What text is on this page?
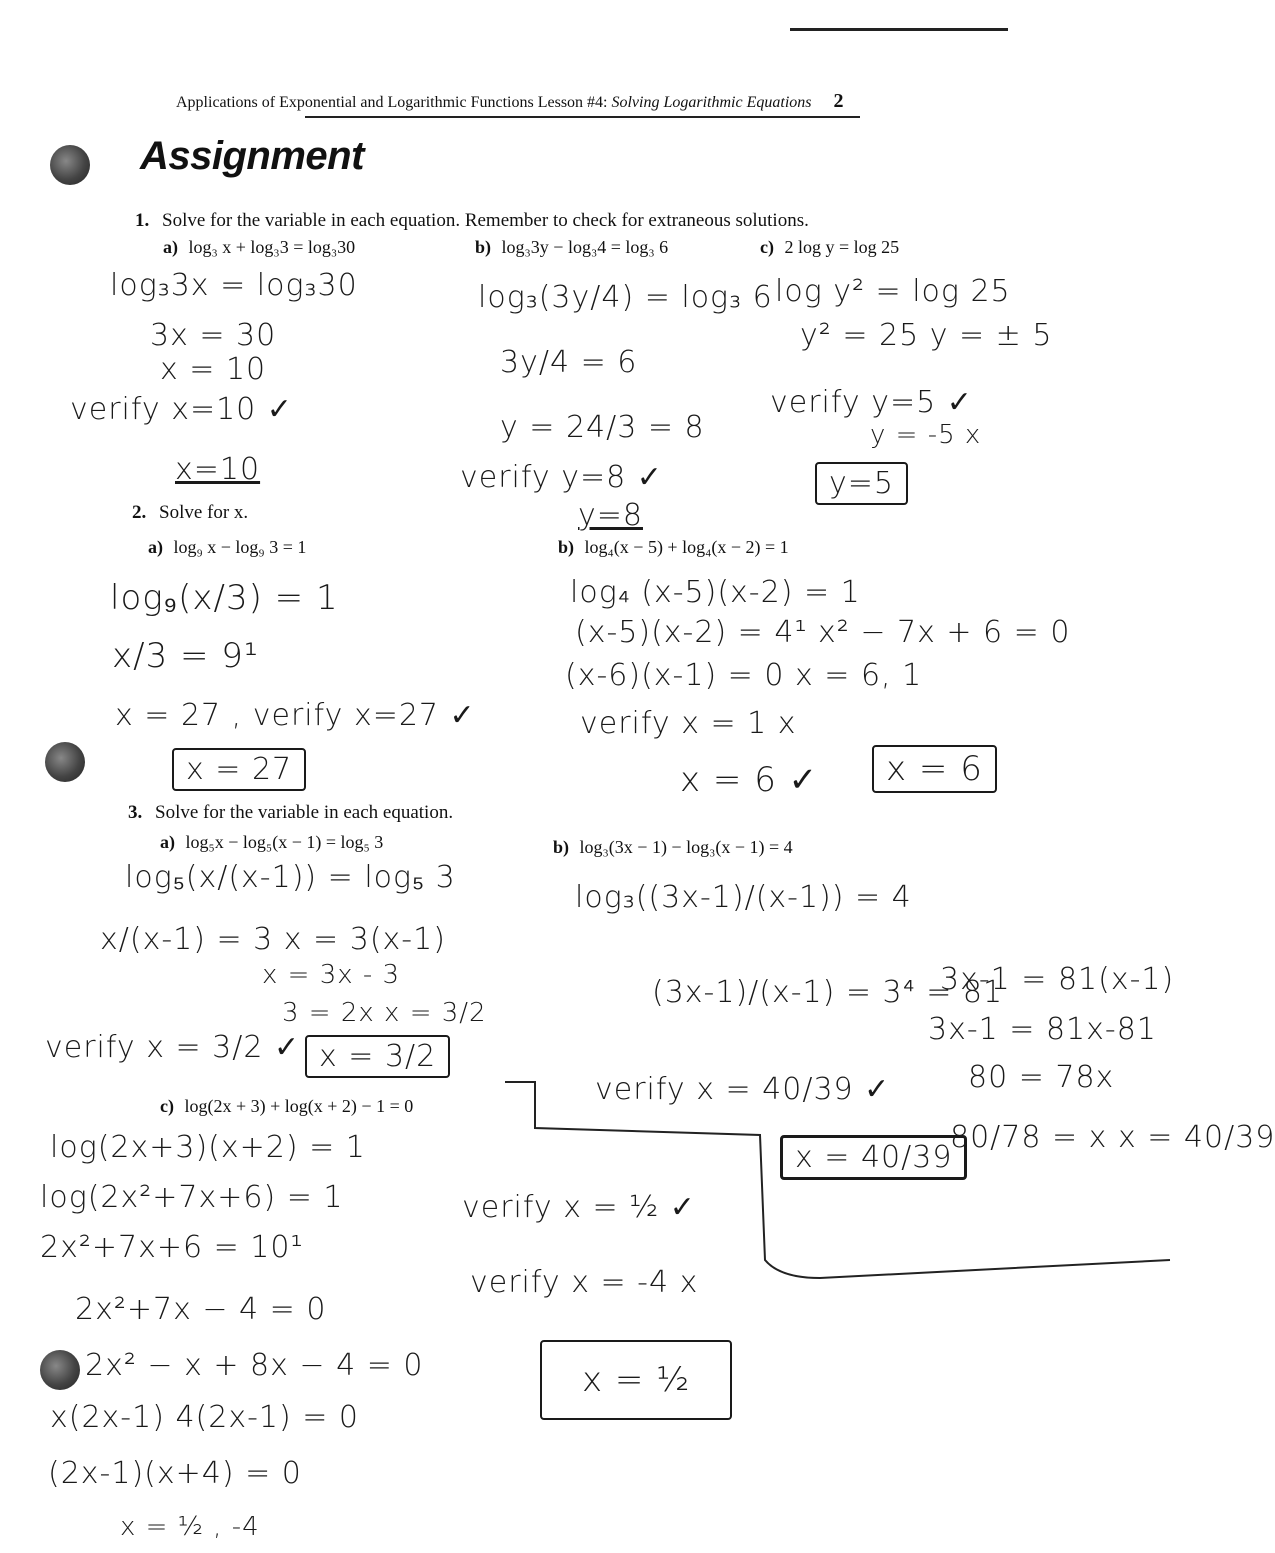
Applications of Exponential and Logarithmic Functions Lesson #4: Solving Logarithmic Equations 2
Assignment
1. Solve for the variable in each equation. Remember to check for extraneous solutions.
a) log₃ x + log₃3 = log₃30
log₃3x = log₃30
3x = 30
x = 10
verify x=10 ✓
x=10
b) log₃3y − log₃4 = log₃ 6
log₃(3y/4) = log₃ 6
3y/4 = 6
y = 24/3 = 8
verify y=8 ✓
y=8
c) 2 log y = log 25
log y² = log 25
y² = 25 y = ± 5
verify y=5 ✓
y = -5 x
y=5
2. Solve for x.
a) log₉ x − log₉ 3 = 1
log₉(x/3) = 1
x/3 = 9¹
x = 27 , verify x=27 ✓
x = 27
b) log₄(x − 5) + log₄(x − 2) = 1
log₄ (x-5)(x-2) = 1
(x-5)(x-2) = 4¹ x² − 7x + 6 = 0
(x-6)(x-1) = 0 x = 6, 1
verify x = 1 x
x = 6 ✓	x = 6
3. Solve for the variable in each equation.
a) log₅x − log₅(x − 1) = log₅ 3
log₅(x/(x-1)) = log₅ 3
x/(x-1) = 3 x = 3(x-1)
x = 3x - 3
3 = 2x x = 3/2
verify x = 3/2 ✓ x = 3/2
b) log₃(3x − 1) − log₃(x − 1) = 4
log₃((3x-1)/(x-1)) = 4
(3x-1)/(x-1) = 3⁴ = 81
3x-1 = 81(x-1)
3x-1 = 81x-81
80 = 78x
80/78 = x x = 40/39
verify x = 40/39 ✓
x = 40/39
c) log(2x + 3) + log(x + 2) − 1 = 0
log(2x+3)(x+2) = 1
log(2x²+7x+6) = 1
2x²+7x+6 = 10¹
2x²+7x − 4 = 0
2x² − x + 8x − 4 = 0
x(2x-1) 4(2x-1) = 0
(2x-1)(x+4) = 0
x = ½ , -4
verify x = ½ ✓
verify x = -4 x
x = ½
